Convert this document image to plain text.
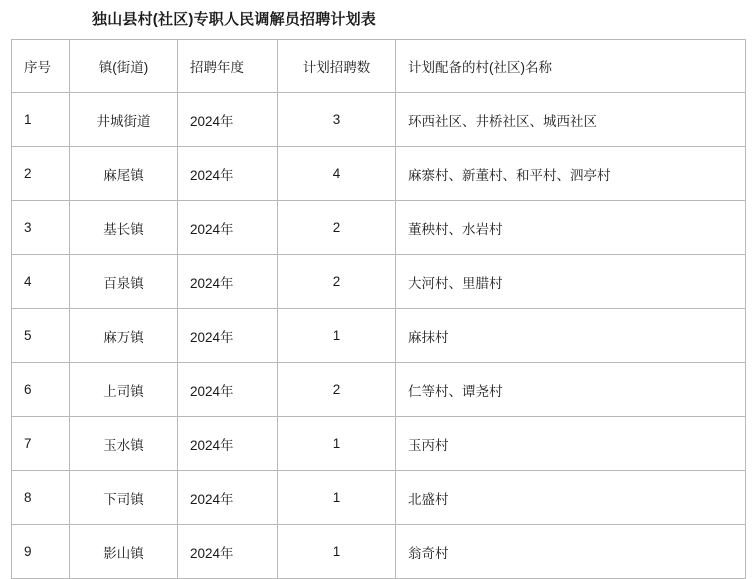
独山县村(社区)专职人民调解员招聘计划表
序号	镇(街道)	招聘年度	计划招聘数	计划配备的村(社区)名称
1	井城街道	2024年	3	环西社区、井桥社区、城西社区
2	麻尾镇	2024年	4	麻寨村、新董村、和平村、泗亭村
3	基长镇	2024年	2	董秧村、水岩村
4	百泉镇	2024年	2	大河村、里腊村
5	麻万镇	2024年	1	麻抹村
6	上司镇	2024年	2	仁等村、谭尧村
7	玉水镇	2024年	1	玉丙村
8	下司镇	2024年	1	北盛村
9	影山镇	2024年	1	翁奇村
